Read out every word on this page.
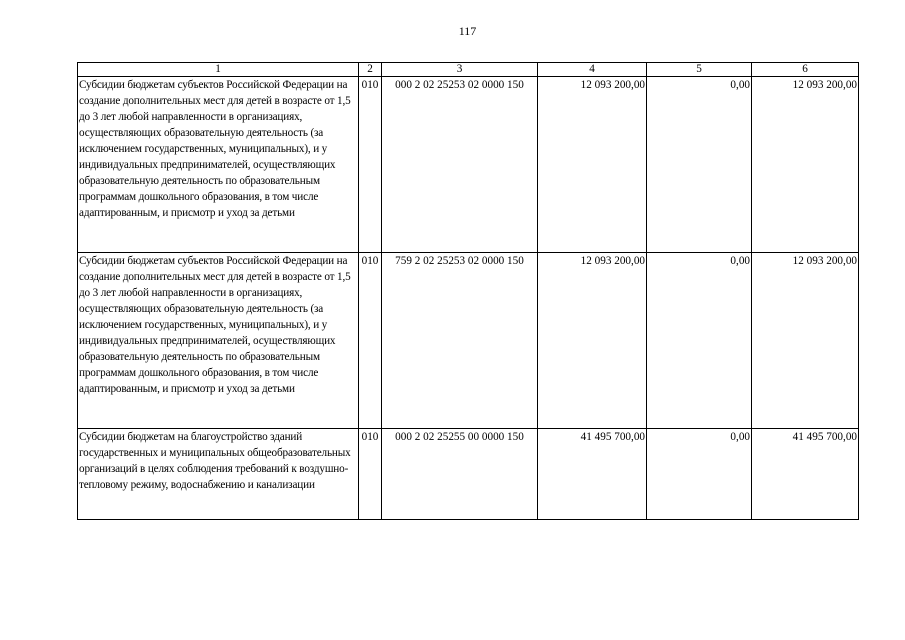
117
1	2	3	4	5	6

Субсидии бюджетам субъектов Российской Федерации на создание дополнительных мест для детей в возрасте от 1,5 до 3 лет любой направленности в организациях, осуществляющих образовательную деятельность (за исключением государственных, муниципальных), и у индивидуальных предпринимателей, осуществляющих образовательную деятельность по образовательным программам дошкольного образования, в том числе адаптированным, и присмотр и уход за детьми	010	000 2 02 25253 02 0000 150	12 093 200,00	0,00	12 093 200,00

Субсидии бюджетам субъектов Российской Федерации на создание дополнительных мест для детей в возрасте от 1,5 до 3 лет любой направленности в организациях, осуществляющих образовательную деятельность (за исключением государственных, муниципальных), и у индивидуальных предпринимателей, осуществляющих образовательную деятельность по образовательным программам дошкольного образования, в том числе адаптированным, и присмотр и уход за детьми	010	759 2 02 25253 02 0000 150	12 093 200,00	0,00	12 093 200,00

Субсидии бюджетам на благоустройство зданий государственных и муниципальных общеобразовательных организаций в целях соблюдения требований к воздушно-тепловому режиму, водоснабжению и канализации	010	000 2 02 25255 00 0000 150	41 495 700,00	0,00	41 495 700,00
